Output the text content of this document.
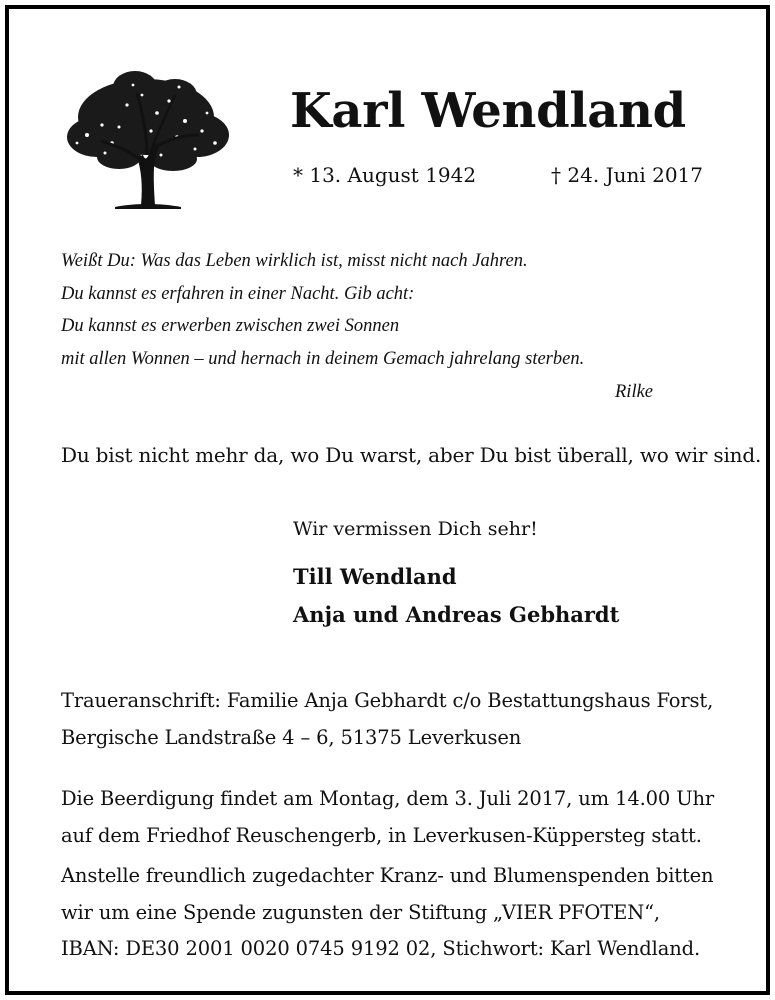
Karl Wendland
* 13. August 1942	† 24. Juni 2017
Weißt Du: Was das Leben wirklich ist, misst nicht nach Jahren.
Du kannst es erfahren in einer Nacht. Gib acht:
Du kannst es erwerben zwischen zwei Sonnen
mit allen Wonnen – und hernach in deinem Gemach jahrelang sterben.
Rilke
Du bist nicht mehr da, wo Du warst, aber Du bist überall, wo wir sind.
Wir vermissen Dich sehr!
Till Wendland
Anja und Andreas Gebhardt
Traueranschrift: Familie Anja Gebhardt c/o Bestattungshaus Forst,
Bergische Landstraße 4 – 6, 51375 Leverkusen
Die Beerdigung findet am Montag, dem 3. Juli 2017, um 14.00 Uhr
auf dem Friedhof Reuschengerb, in Leverkusen-Küppersteg statt.
Anstelle freundlich zugedachter Kranz- und Blumenspenden bitten
wir um eine Spende zugunsten der Stiftung „VIER PFOTEN“,
IBAN: DE30 2001 0020 0745 9192 02, Stichwort: Karl Wendland.
